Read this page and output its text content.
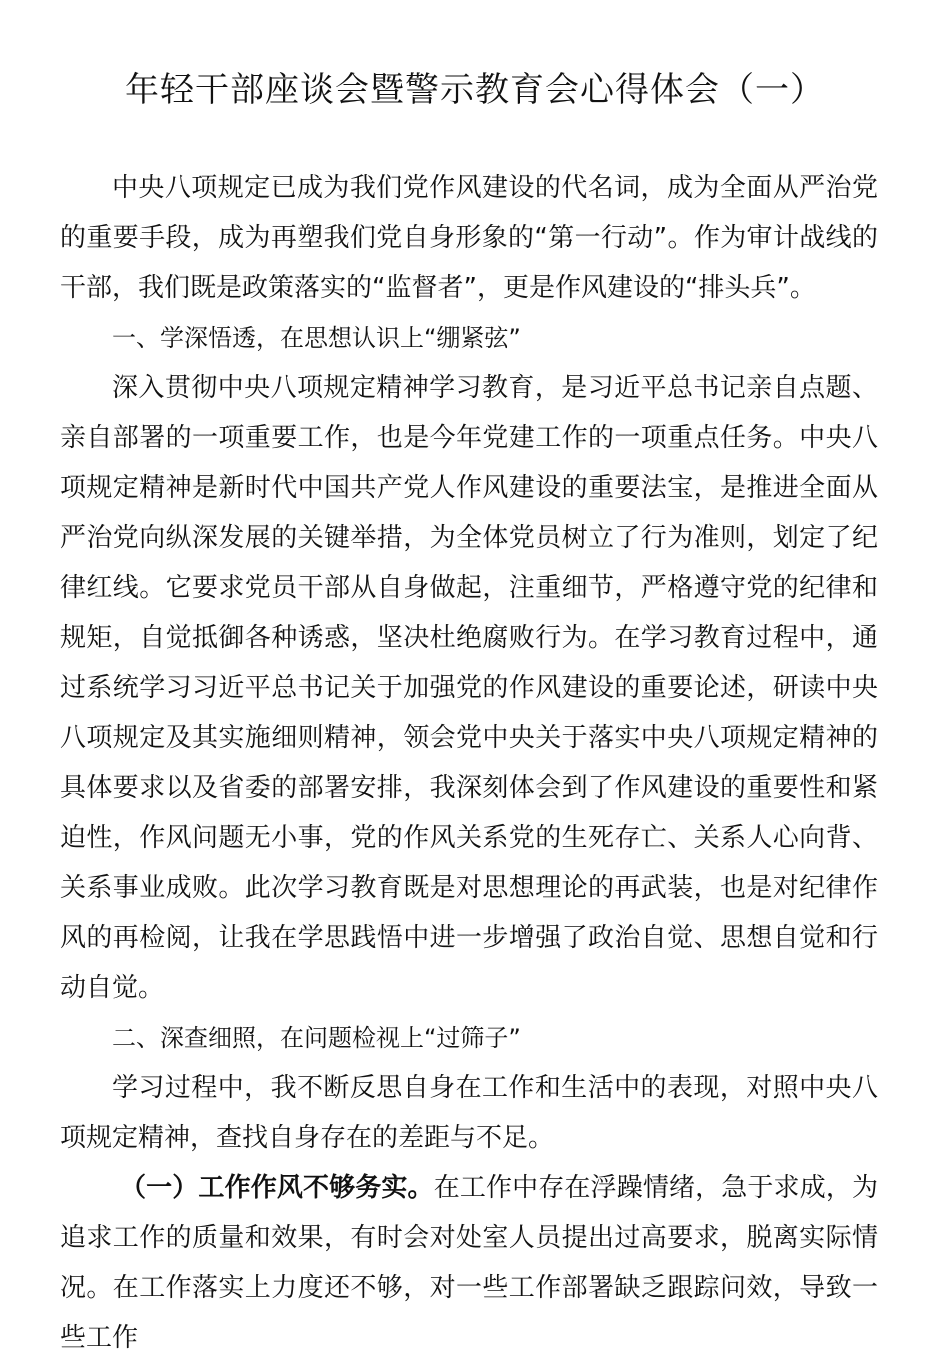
年轻干部座谈会暨警示教育会心得体会（一）

中央八项规定已成为我们党作风建设的代名词，成为全面从严治党的重要手段，成为再塑我们党自身形象的“第一行动”。作为审计战线的干部，我们既是政策落实的“监督者”，更是作风建设的“排头兵”。

一、学深悟透，在思想认识上“绷紧弦”

深入贯彻中央八项规定精神学习教育，是习近平总书记亲自点题、亲自部署的一项重要工作，也是今年党建工作的一项重点任务。中央八项规定精神是新时代中国共产党人作风建设的重要法宝，是推进全面从严治党向纵深发展的关键举措，为全体党员树立了行为准则，划定了纪律红线。它要求党员干部从自身做起，注重细节，严格遵守党的纪律和规矩，自觉抵御各种诱惑，坚决杜绝腐败行为。在学习教育过程中，通过系统学习习近平总书记关于加强党的作风建设的重要论述，研读中央八项规定及其实施细则精神，领会党中央关于落实中央八项规定精神的具体要求以及省委的部署安排，我深刻体会到了作风建设的重要性和紧迫性，作风问题无小事，党的作风关系党的生死存亡、关系人心向背、关系事业成败。此次学习教育既是对思想理论的再武装，也是对纪律作风的再检阅，让我在学思践悟中进一步增强了政治自觉、思想自觉和行动自觉。

二、深查细照，在问题检视上“过筛子”

学习过程中，我不断反思自身在工作和生活中的表现，对照中央八项规定精神，查找自身存在的差距与不足。

（一）工作作风不够务实。在工作中存在浮躁情绪，急于求成，为追求工作的质量和效果，有时会对处室人员提出过高要求，脱离实际情况。在工作落实上力度还不够，对一些工作部署缺乏跟踪问效，导致一些工作
